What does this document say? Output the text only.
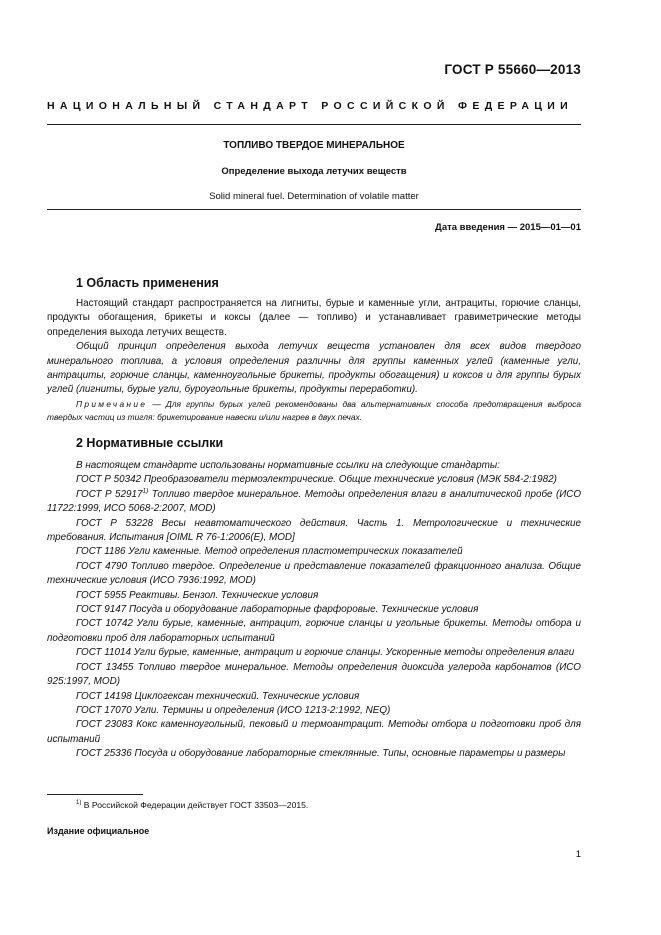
ГОСТ Р 55660—2013
НАЦИОНАЛЬНЫЙ СТАНДАРТ РОССИЙСКОЙ ФЕДЕРАЦИИ
ТОПЛИВО ТВЕРДОЕ МИНЕРАЛЬНОЕ
Определение выхода летучих веществ
Solid mineral fuel. Determination of volatile matter
Дата введения — 2015—01—01
1 Область применения

Настоящий стандарт распространяется на лигниты, бурые и каменные угли, антрациты, горючие сланцы, продукты обогащения, брикеты и коксы (далее — топливо) и устанавливает гравиметрические методы определения выхода летучих веществ.

Общий принцип определения выхода летучих веществ установлен для всех видов твердого минерального топлива, а условия определения различны для группы каменных углей (каменные угли, антрациты, горючие сланцы, каменноугольные брикеты, продукты обогащения) и коксов и для группы бурых углей (лигниты, бурые угли, буроугольные брикеты, продукты переработки).

Примечание — Для группы бурых углей рекомендованы два альтернативных способа предотвращения выброса твердых частиц из тигля: брикетирование навески и/или нагрев в двух печах.

2 Нормативные ссылки

В настоящем стандарте использованы нормативные ссылки на следующие стандарты:

ГОСТ Р 50342 Преобразователи термоэлектрические. Общие технические условия (МЭК 584-2:1982)

ГОСТ Р 52917$^{1)}$ Топливо твердое минеральное. Методы определения влаги в аналитической пробе (ИСО 11722:1999, ИСО 5068-2:2007, MOD)

ГОСТ Р 53228 Весы неавтоматического действия. Часть 1. Метрологические и технические требования. Испытания [OIML R 76-1:2006(E), MOD]

ГОСТ 1186 Угли каменные. Метод определения пластометрических показателей

ГОСТ 4790 Топливо твердое. Определение и представление показателей фракционного анализа. Общие технические условия (ИСО 7936:1992, MOD)

ГОСТ 5955 Реактивы. Бензол. Технические условия

ГОСТ 9147 Посуда и оборудование лабораторные фарфоровые. Технические условия

ГОСТ 10742 Угли бурые, каменные, антрацит, горючие сланцы и угольные брикеты. Методы отбора и подготовки проб для лабораторных испытаний

ГОСТ 11014 Угли бурые, каменные, антрацит и горючие сланцы. Ускоренные методы определения влаги

ГОСТ 13455 Топливо твердое минеральное. Методы определения диоксида углерода карбонатов (ИСО 925:1997, MOD)

ГОСТ 14198 Циклогексан технический. Технические условия

ГОСТ 17070 Угли. Термины и определения (ИСО 1213-2:1992, NEQ)

ГОСТ 23083 Кокс каменноугольный, пековый и термоантрацит. Методы отбора и подготовки проб для испытаний

ГОСТ 25336 Посуда и оборудование лабораторные стеклянные. Типы, основные параметры и размеры

$^{1)}$ В Российской Федерации действует ГОСТ 33503—2015.
Издание официальное
1
